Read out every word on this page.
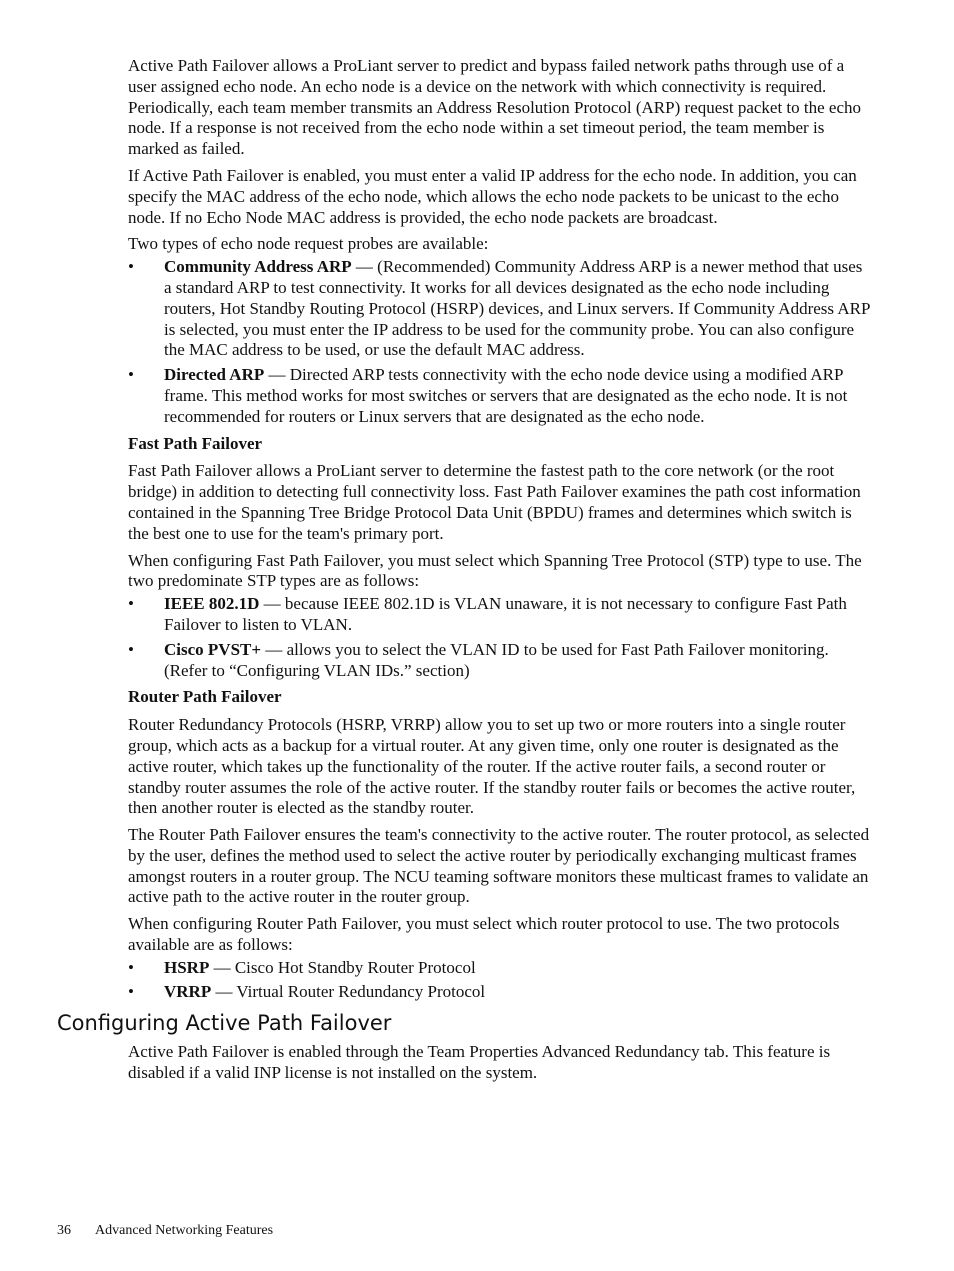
Active Path Failover allows a ProLiant server to predict and bypass failed network paths through use of a user assigned echo node. An echo node is a device on the network with which connectivity is required. Periodically, each team member transmits an Address Resolution Protocol (ARP) request packet to the echo node. If a response is not received from the echo node within a set timeout period, the team member is marked as failed.

If Active Path Failover is enabled, you must enter a valid IP address for the echo node. In addition, you can specify the MAC address of the echo node, which allows the echo node packets to be unicast to the echo node. If no Echo Node MAC address is provided, the echo node packets are broadcast.

Two types of echo node request probes are available:

•	Community Address ARP — (Recommended) Community Address ARP is a newer method that uses a standard ARP to test connectivity. It works for all devices designated as the echo node including routers, Hot Standby Routing Protocol (HSRP) devices, and Linux servers. If Community Address ARP is selected, you must enter the IP address to be used for the community probe. You can also configure the MAC address to be used, or use the default MAC address.
•	Directed ARP — Directed ARP tests connectivity with the echo node device using a modified ARP frame. This method works for most switches or servers that are designated as the echo node. It is not recommended for routers or Linux servers that are designated as the echo node.
Fast Path Failover

Fast Path Failover allows a ProLiant server to determine the fastest path to the core network (or the root bridge) in addition to detecting full connectivity loss. Fast Path Failover examines the path cost information contained in the Spanning Tree Bridge Protocol Data Unit (BPDU) frames and determines which switch is the best one to use for the team's primary port.

When configuring Fast Path Failover, you must select which Spanning Tree Protocol (STP) type to use. The two predominate STP types are as follows:

•	IEEE 802.1D — because IEEE 802.1D is VLAN unaware, it is not necessary to configure Fast Path Failover to listen to VLAN.
•	Cisco PVST+ — allows you to select the VLAN ID to be used for Fast Path Failover monitoring. (Refer to “Configuring VLAN IDs.” section)
Router Path Failover

Router Redundancy Protocols (HSRP, VRRP) allow you to set up two or more routers into a single router group, which acts as a backup for a virtual router. At any given time, only one router is designated as the active router, which takes up the functionality of the router. If the active router fails, a second router or standby router assumes the role of the active router. If the standby router fails or becomes the active router, then another router is elected as the standby router.

The Router Path Failover ensures the team's connectivity to the active router. The router protocol, as selected by the user, defines the method used to select the active router by periodically exchanging multicast frames amongst routers in a router group. The NCU teaming software monitors these multicast frames to validate an active path to the active router in the router group.

When configuring Router Path Failover, you must select which router protocol to use. The two protocols available are as follows:

•	HSRP — Cisco Hot Standby Router Protocol
•	VRRP — Virtual Router Redundancy Protocol
Configuring Active Path Failover

Active Path Failover is enabled through the Team Properties Advanced Redundancy tab. This feature is disabled if a valid INP license is not installed on the system.

36 Advanced Networking Features
